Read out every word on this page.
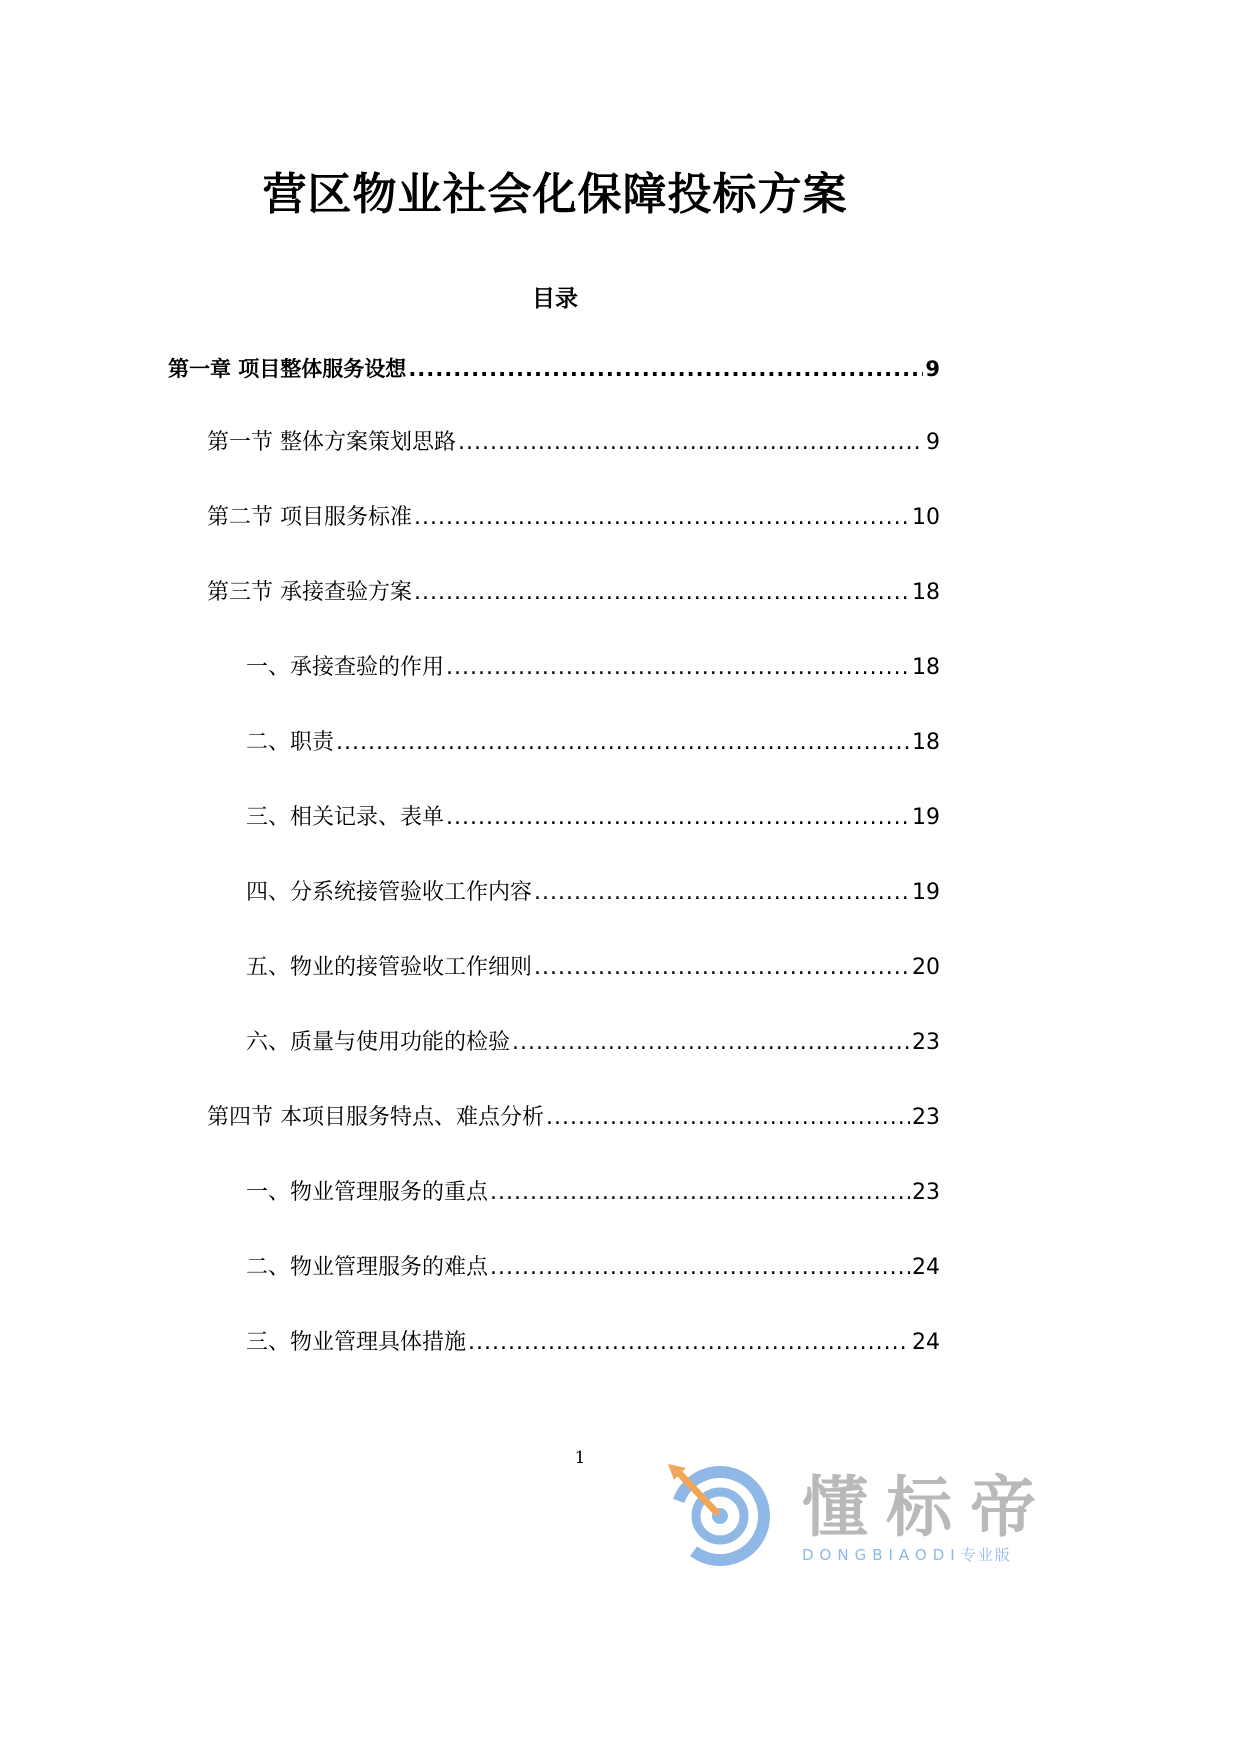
营区物业社会化保障投标方案
目录
第一章 项目整体服务设想 .....	9
第一节 整体方案策划思路 .....	9
第二节 项目服务标准 .....	10
第三节 承接查验方案 .....	18
一、承接查验的作用 .....	18
二、职责 .....	18
三、相关记录、表单 .....	19
四、分系统接管验收工作内容 .....	19
五、物业的接管验收工作细则 .....	20
六、质量与使用功能的检验 .....	23
第四节 本项目服务特点、难点分析 .....	23
一、物业管理服务的重点 .....	23
二、物业管理服务的难点 .....	24
三、物业管理具体措施 .....	24
1
懂标帝
DONGBIAODI专业版
